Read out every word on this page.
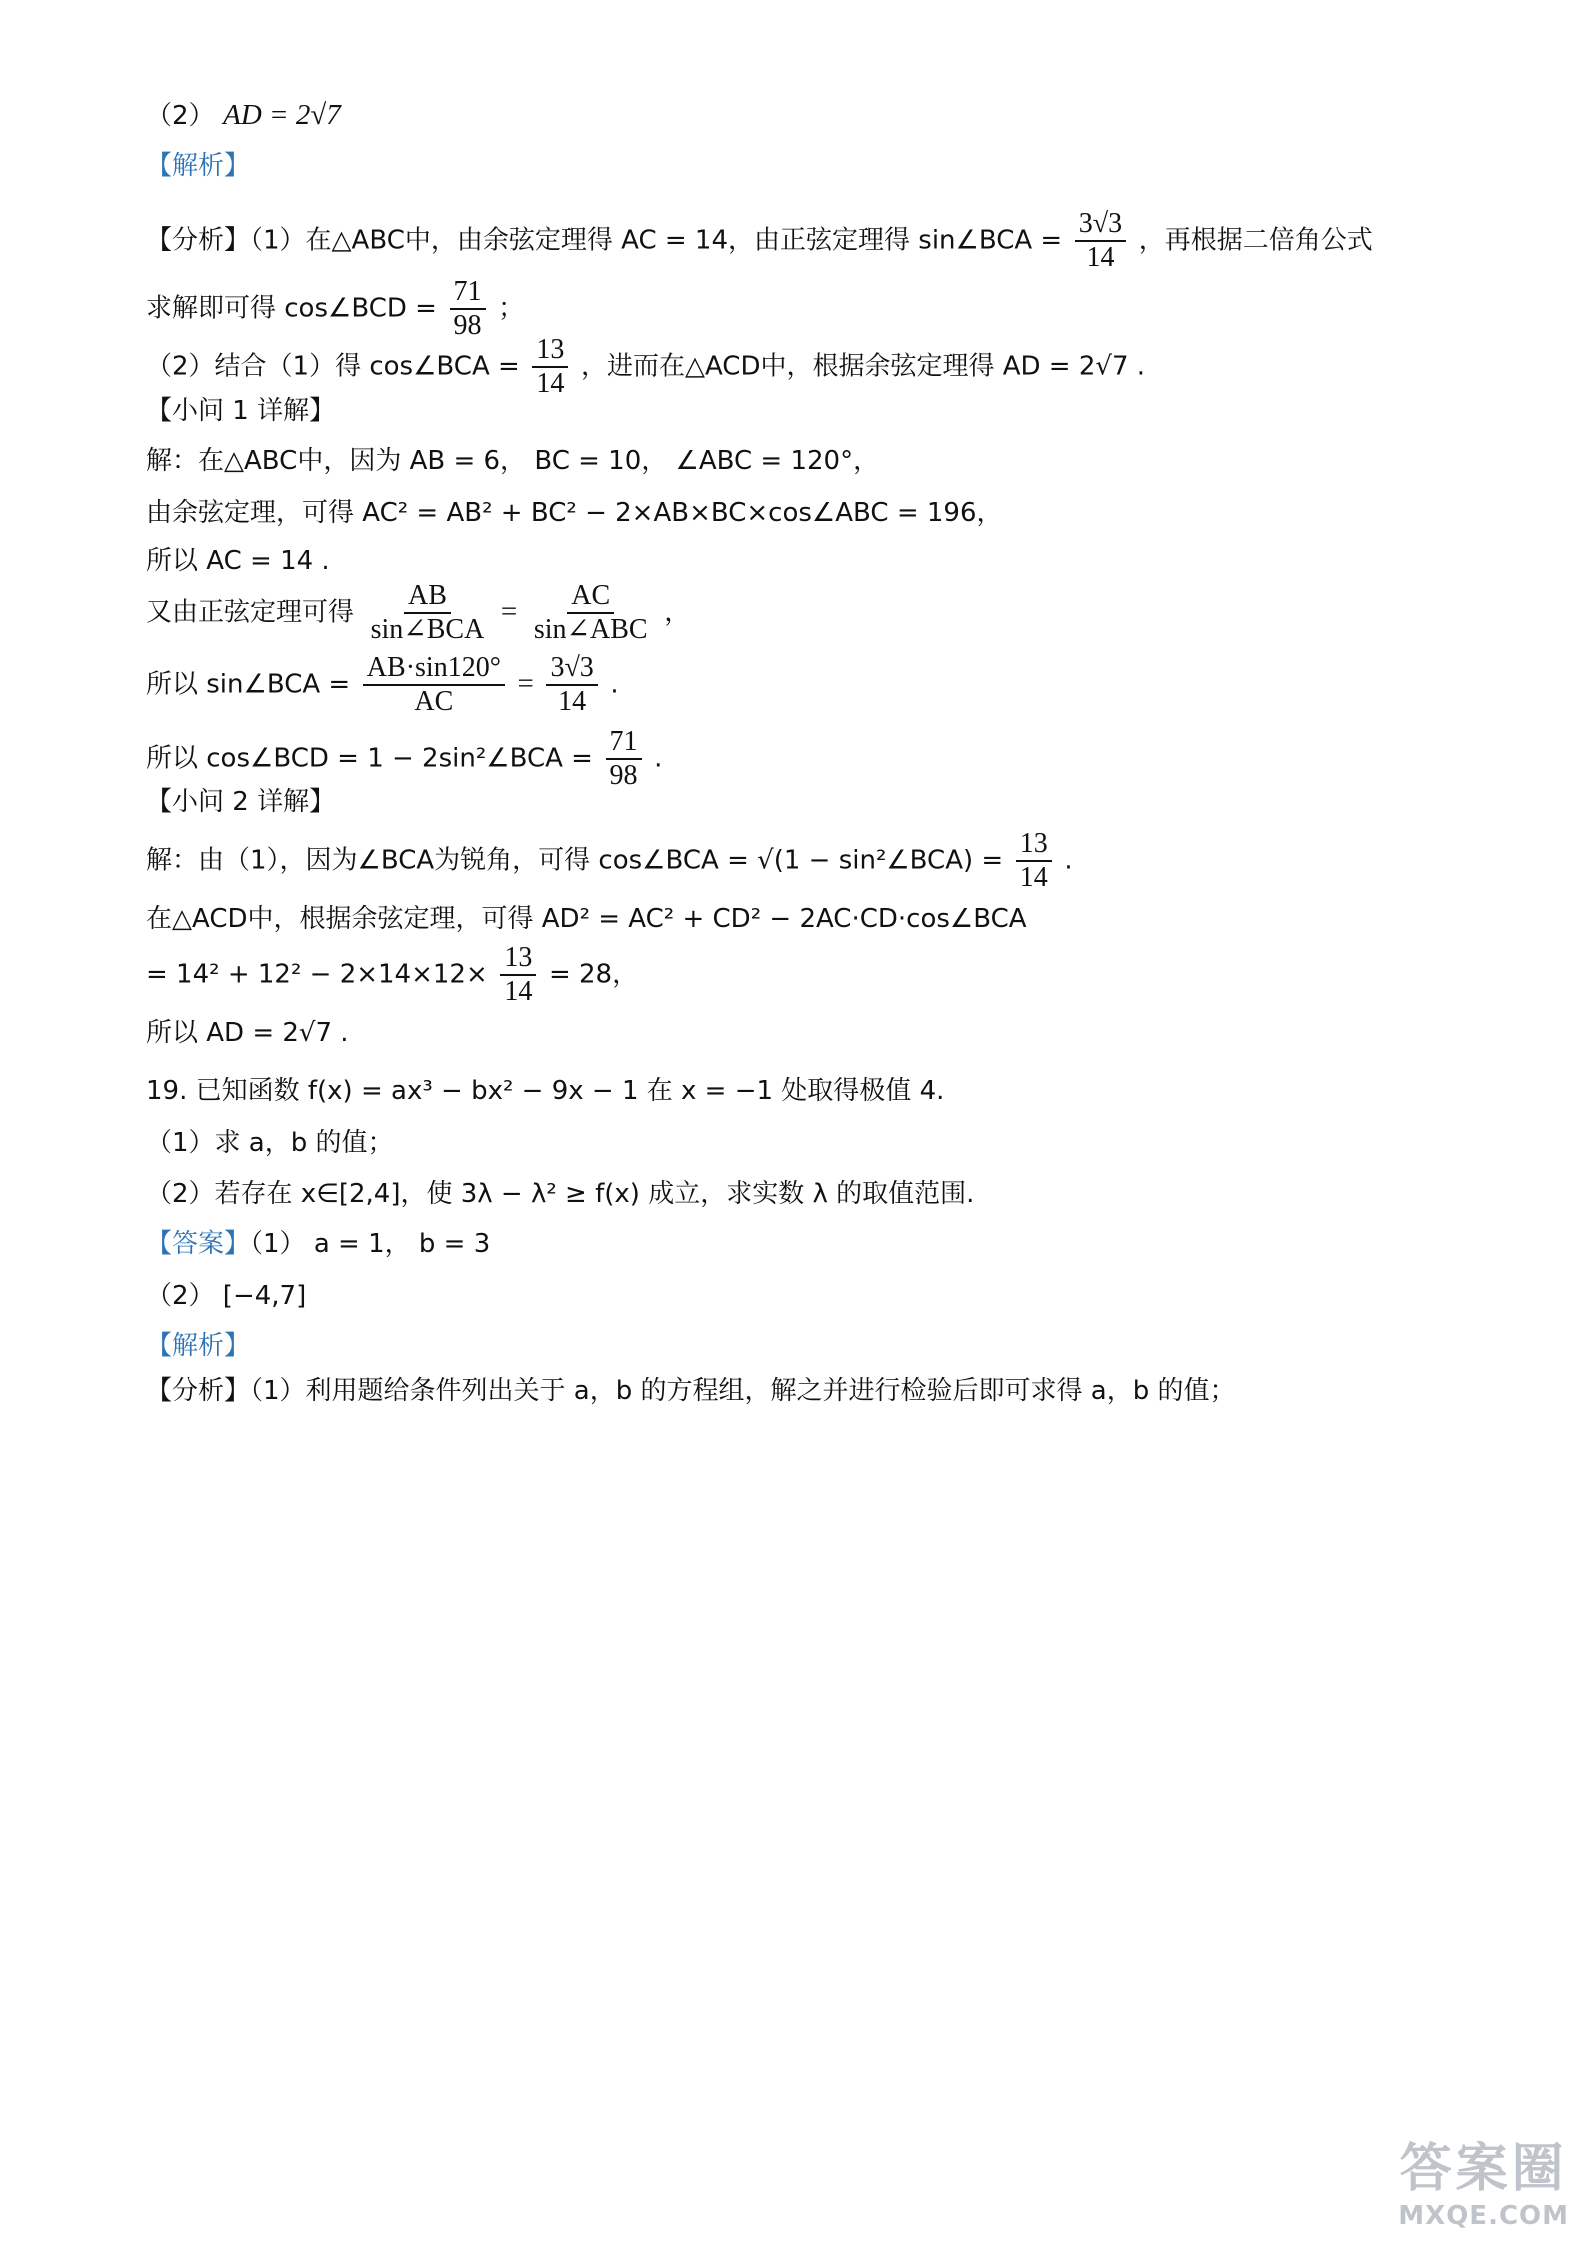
（2） AD = 2√7
【解析】
【分析】（1）在△ABC中，由余弦定理得 AC = 14，由正弦定理得 sin∠BCA = $\frac{3√3}{14}$ ，再根据二倍角公式
求解即可得 cos∠BCD = $\frac{71}{98}$ ；
（2）结合（1）得 cos∠BCA = $\frac{13}{14}$ ，进而在△ACD中，根据余弦定理得 AD = 2√7 .
【小问 1 详解】
解：在△ABC中，因为 AB = 6， BC = 10， ∠ABC = 120°，
由余弦定理，可得 AC² = AB² + BC² − 2×AB×BC×cos∠ABC = 196，
所以 AC = 14 .
又由正弦定理可得 $\frac{AB}{\text{sin∠BCA}} = \frac{AC}{\text{sin∠ABC}}$ ，
所以 sin∠BCA = $\frac{AB\cdot\sin 120^\circ}{AC} = \frac{3√3}{14}$ .
所以 cos∠BCD = 1 − 2sin²∠BCA = $\frac{71}{98}$ .
【小问 2 详解】
解：由（1），因为∠BCA为锐角，可得 cos∠BCA = √(1 − sin²∠BCA) = $\frac{13}{14}$ .
在△ACD中，根据余弦定理，可得 AD² = AC² + CD² − 2AC·CD·cos∠BCA
= $14^2 + 12^2 - 2\times 14\times 12\times \frac{13}{14} = 28$，
所以 AD = 2√7 .
19. 已知函数 f(x) = ax³ − bx² − 9x − 1 在 x = −1 处取得极值 4.
（1）求 a，b 的值；
（2）若存在 x∈[2,4]，使 3λ − λ² ≥ f(x) 成立，求实数 λ 的取值范围.
【答案】（1） a = 1， b = 3
（2） [−4,7]
【解析】
【分析】（1）利用题给条件列出关于 a，b 的方程组，解之并进行检验后即可求得 a，b 的值；
答案圈
MXQE.COM
